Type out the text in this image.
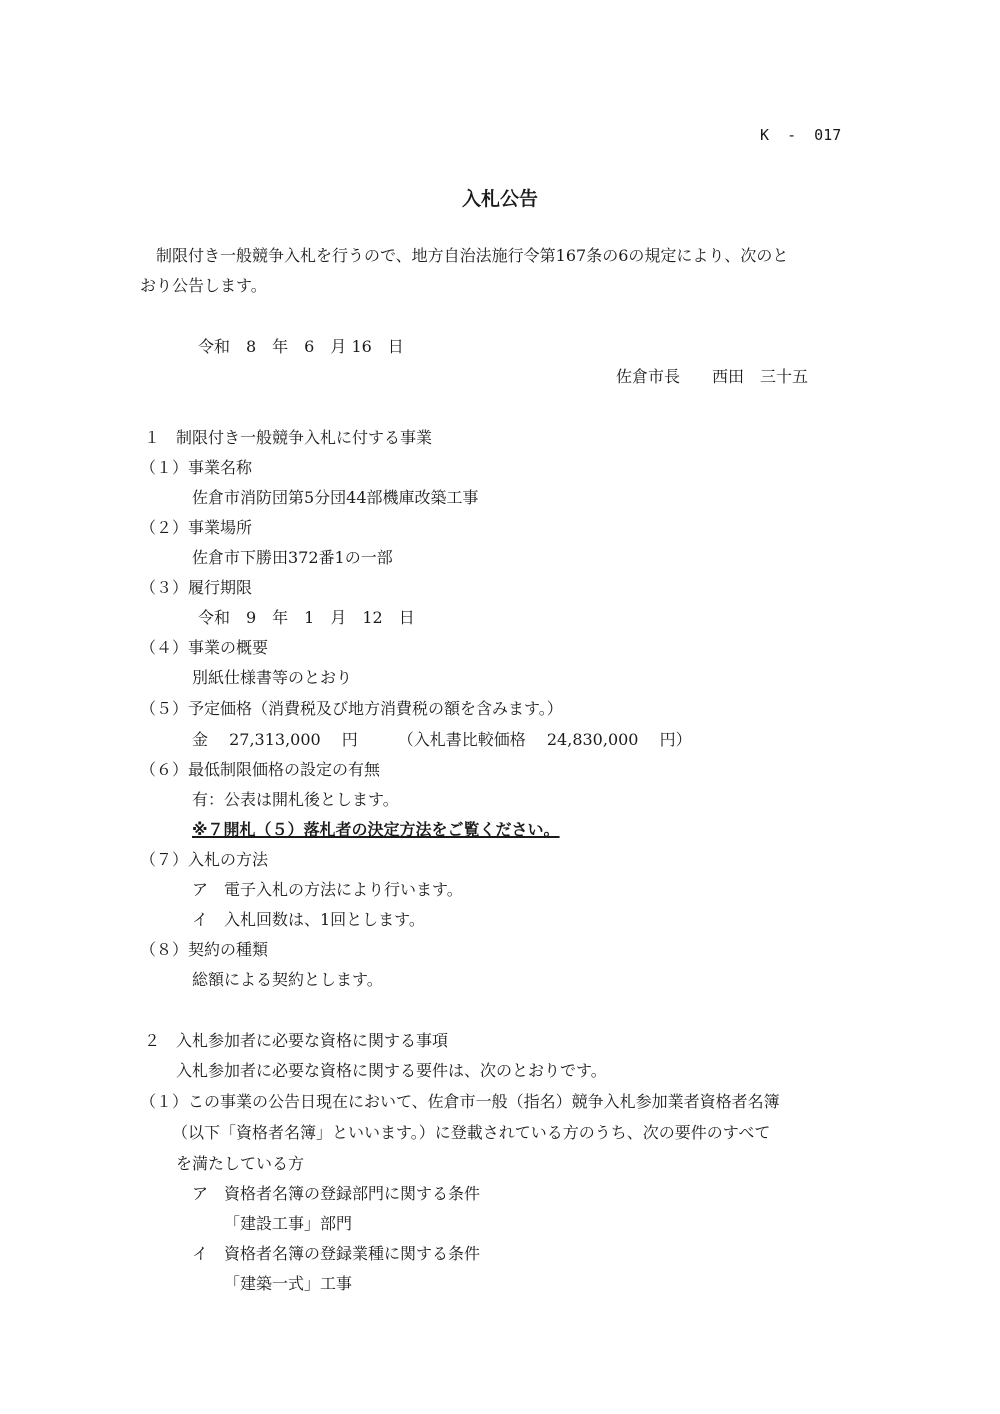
K  -  017
入札公告
制限付き一般競争入札を行うので、地方自治法施行令第167条の6の規定により、次のと
おり公告します。
令和　8　年　6　月 16　日
佐倉市長　　西田　三十五
１　制限付き一般競争入札に付する事業
（１）事業名称
佐倉市消防団第5分団44部機庫改築工事
（２）事業場所
佐倉市下勝田372番1の一部
（３）履行期限
令和　9　年　1　月　12　日
（４）事業の概要
別紙仕様書等のとおり
（５）予定価格（消費税及び地方消費税の額を含みます。）
金　 27,313,000　 円　　　（入札書比較価格　 24,830,000　 円）
（６）最低制限価格の設定の有無
有：公表は開札後とします。
※７開札（５）落札者の決定方法をご覧ください。
（７）入札の方法
ア　電子入札の方法により行います。
イ　入札回数は、1回とします。
（８）契約の種類
総額による契約とします。
２　入札参加者に必要な資格に関する事項
入札参加者に必要な資格に関する要件は、次のとおりです。
（１）この事業の公告日現在において、佐倉市一般（指名）競争入札参加業者資格者名簿
（以下「資格者名簿」といいます。）に登載されている方のうち、次の要件のすべて
を満たしている方
ア　資格者名簿の登録部門に関する条件
「建設工事」部門
イ　資格者名簿の登録業種に関する条件
「建築一式」工事
